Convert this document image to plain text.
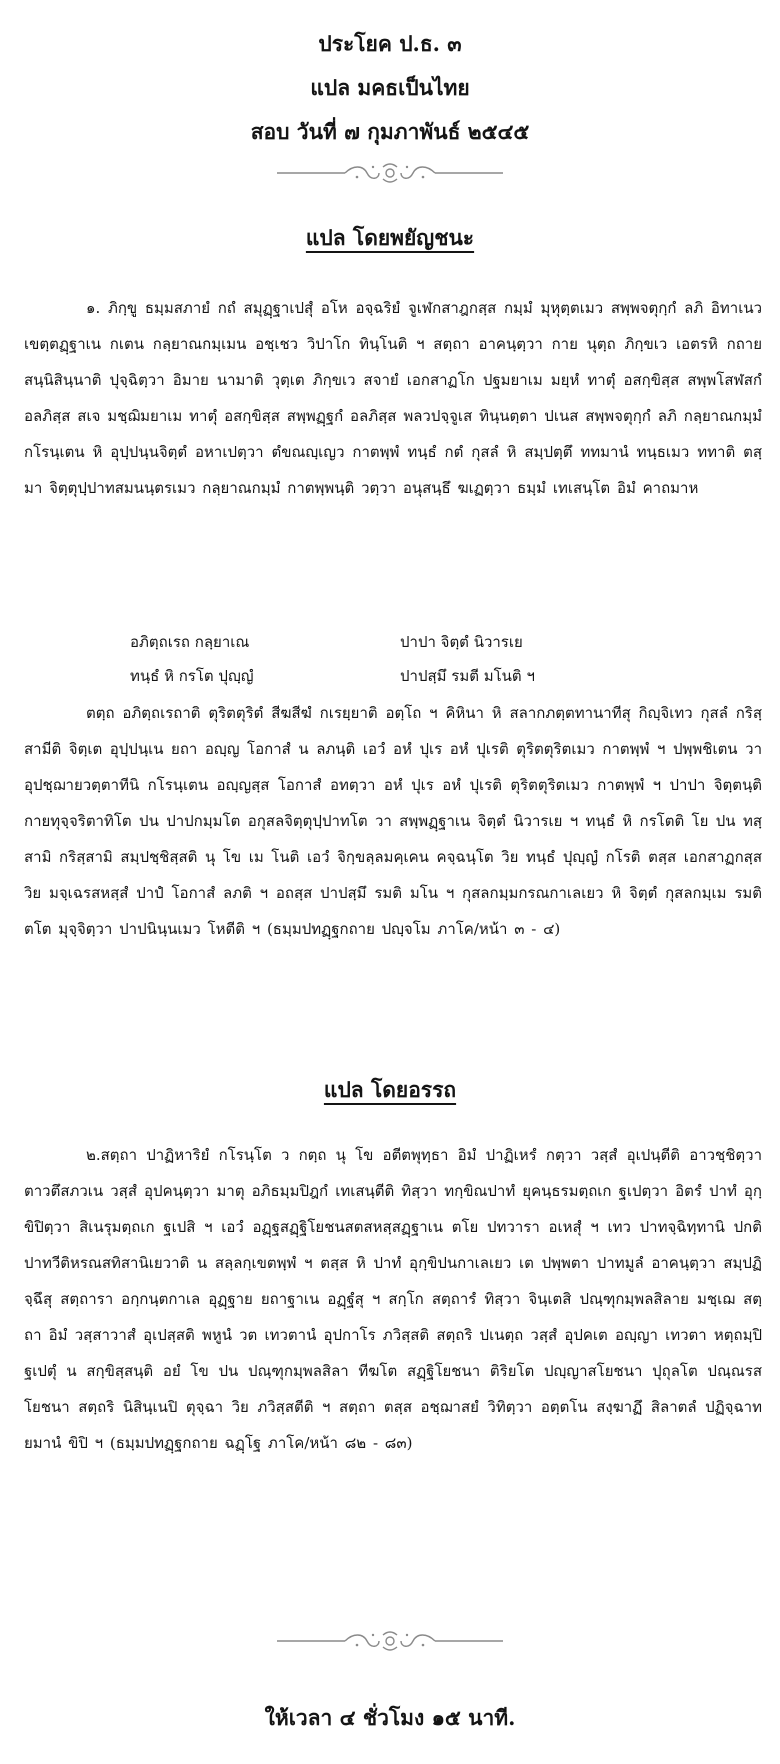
ประโยค ป.ธ. ๓
แปล มคธเป็นไทย
สอบ วันที่ ๗ กุมภาพันธ์ ๒๕๔๕
แปล โดยพยัญชนะ

๑. ภิกฺขู ธมฺมสภายํ กถํ สมุฏฺฐาเปสุํ อโห อจฺฉริยํ จูเฬกสาฎกสฺส กมฺมํ มุหุตฺตเมว สพฺพจตุกฺกํ ลภิ อิทาเนว เขตฺตฏฺฐาเน กเตน กลฺยาณกมฺเมน อชฺเชว วิปาโก ทินฺโนติ ฯ สตฺถา อาคนฺตฺวา กาย นุตฺถ ภิกฺขเว เอตรหิ กถาย สนฺนิสินฺนาติ ปุจฺฉิตฺวา อิมาย นามาติ วุตฺเต ภิกฺขเว สจายํ เอกสาฏโก ปฐมยาเม มยฺหํ ทาตุํ อสกฺขิสฺส สพฺพโสฬสกํ อลภิสฺส สเจ มชฺฌิมยาเม ทาตุํ อสกฺขิสฺส สพฺพฏฺฐกํ อลภิสฺส พลวปจฺจูเส ทินฺนตฺตา ปเนส สพฺพจตุกฺกํ ลภิ กลฺยาณกมฺมํ กโรนฺเตน หิ อุปฺปนฺนจิตฺตํ อหาเปตฺวา ตํขณญฺเญว กาตพฺพํ ทนฺธํ กตํ กุสลํ หิ สมฺปตฺตึ ททมานํ ทนฺธเมว ททาติ ตสฺมา จิตฺตุปฺปาทสมนนฺตรเมว กลฺยาณกมฺมํ กาตพฺพนฺติ วตฺวา อนุสนฺธึ ฆเฏตฺวา ธมฺมํ เทเสนฺโต อิมํ คาถมาห

อภิตฺถเรถ กลฺยาเณ	ปาปา จิตฺตํ นิวารเย
ทนฺธํ หิ กรโต ปุญฺญํ	ปาปสฺมึ รมตี มโนติ ฯ

ตตฺถ อภิตฺถเรถาติ ตุริตตุริตํ สีฆสีฆํ กเรยฺยาติ อตฺโถ ฯ คิหินา หิ สลากภตฺตทานาทีสุ กิญฺจิเทว กุสลํ กริสฺสามีติ จิตฺเต อุปฺปนฺเน ยถา อญฺญ โอกาสํ น ลภนฺติ เอวํ อหํ ปุเร อหํ ปุเรติ ตุริตตุริตเมว กาตพฺพํ ฯ ปพฺพชิเตน วา อุปชฺฌายวตฺตาทีนิ กโรนฺเตน อญฺญสฺส โอกาสํ อทตฺวา อหํ ปุเร อหํ ปุเรติ ตุริตตุริตเมว กาตพฺพํ ฯ ปาปา จิตฺตนฺติ กายทุจฺจริตาทิโต ปน ปาปกมฺมโต อกุสลจิตฺตุปฺปาทโต วา สพฺพฏฺฐาเน จิตฺตํ นิวารเย ฯ ทนฺธํ หิ กรโตติ โย ปน ทสฺสามิ กริสฺสามิ สมฺปชฺชิสฺสติ นุ โข เม โนติ เอวํ จิกฺขลฺลมคฺเคน คจฺฉนฺโต วิย ทนฺธํ ปุญฺญํ กโรติ ตสฺส เอกสาฏกสฺส วิย มจฺเฉรสหสฺสํ ปาปํ โอกาสํ ลภติ ฯ อถสฺส ปาปสฺมึ รมติ มโน ฯ กุสลกมฺมกรณกาเลเยว หิ จิตฺตํ กุสลกมฺเม รมติ ตโต มุจฺจิตฺวา ปาปนินฺนเมว โหตีติ ฯ (ธมฺมปทฏฺฐกถาย ปญฺจโม ภาโค/หน้า ๓ - ๔)

แปล โดยอรรถ

๒.สตฺถา ปาฏิหาริยํ กโรนฺโต ว กตฺถ นุ โข อตีตพุทฺธา อิมํ ปาฏิเหรํ กตฺวา วสฺสํ อุเปนฺตีติ อาวชฺชิตฺวา ตาวตึสภวเน วสฺสํ อุปคนฺตฺวา มาตุ อภิธมฺมปิฎกํ เทเสนฺตีติ ทิสฺวา ทกฺขิณปาทํ ยุคนฺธรมตฺถเก ฐเปตฺวา อิตรํ ปาทํ อุกฺขิปิตฺวา สิเนรุมตฺถเก ฐเปสิ ฯ เอวํ อฏฺฐสฏฺฐิโยชนสตสหสฺสฏฺฐาเน ตโย ปทวารา อเหสุํ ฯ เทว ปาทจฺฉิทฺทานิ ปกติปาทวีติหรณสทิสานิเยวาติ น สลฺลกฺเขตพฺพํ ฯ ตสฺส หิ ปาทํ อุกฺขิปนกาเลเยว เต ปพฺพตา ปาทมูลํ อาคนฺตฺวา สมฺปฏิจฺฉึสุ สตฺถารา อกฺกนฺตกาเล อุฏฺฐาย ยถาฐาเน อฏฺฐํสุ ฯ สกฺโก สตฺถารํ ทิสฺวา จินฺเตสิ ปณฺฑุกมฺพลสิลาย มชฺเฌ สตฺถา อิมํ วสฺสาวาสํ อุเปสฺสติ พหูนํ วต เทวตานํ อุปกาโร ภวิสฺสติ สตฺถริ ปเนตฺถ วสฺสํ อุปคเต อญฺญา เทวตา หตฺถมฺปิ ฐเปตุํ น สกฺขิสฺสนฺติ อยํ โข ปน ปณฺฑุกมฺพลสิลา ทีฆโต สฏฺฐิโยชนา ติริยโต ปญฺญาสโยชนา ปุถุลโต ปณฺณรสโยชนา สตฺถริ นิสินฺเนปิ ตุจฺฉา วิย ภวิสฺสตีติ ฯ สตฺถา ตสฺส อชฺฌาสยํ วิทิตฺวา อตฺตโน สงฺฆาฏึ สิลาตลํ ปฏิจฺฉาทยมานํ ขิปิ ฯ (ธมฺมปทฏฺฐกถาย ฉฏฺโฐ ภาโค/หน้า ๘๒ - ๘๓)

ให้เวลา ๔ ชั่วโมง ๑๕ นาที.
